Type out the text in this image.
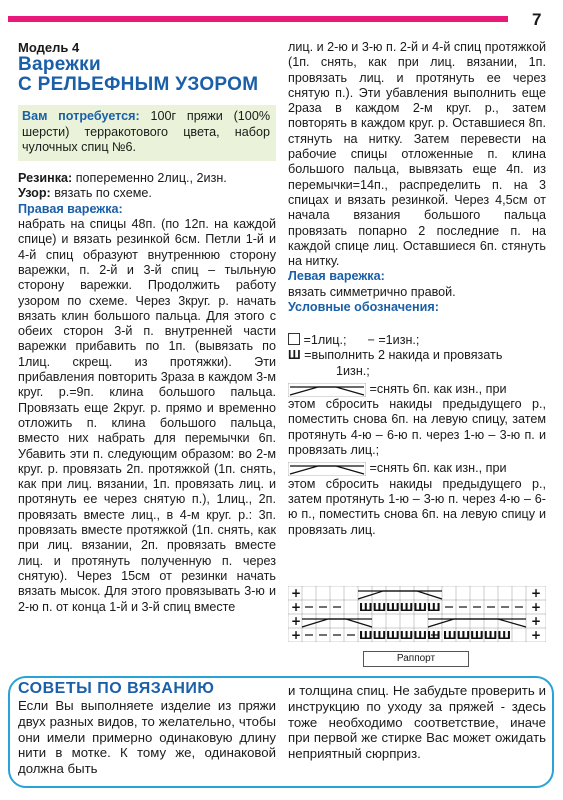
7
Модель 4
Варежки
С РЕЛЬЕФНЫМ УЗОРОМ
Вам потребуется: 100г пряжи (100% шерсти) терракотового цвета, набор чулочных спиц №6.

Резинка: попеременно 2лиц., 2изн.

Узор: вязать по схеме.

Правая варежка:

набрать на спицы 48п. (по 12п. на каждой спице) и вязать резинкой 6см. Петли 1-й и 4-й спиц образуют внутреннюю сторону варежки, п. 2-й и 3-й спиц – тыльную сторону варежки. Продолжить работу узором по схеме. Через 3круг. р. начать вязать клин большого пальца. Для этого с обеих сторон 3-й п. внутренней части варежки прибавить по 1п. (вывязать по 1лиц. скрещ. из протяжки). Эти прибавления повторить 3раза в каждом 3-м круг. р.=9п. клина большого пальца. Провязать еще 2круг. р. прямо и временно отложить п. клина большого пальца, вместо них набрать для перемычки 6п. Убавить эти п. следующим образом: во 2-м круг. р. провязать 2п. протяжкой (1п. снять, как при лиц. вязании, 1п. провязать лиц. и протянуть ее через снятую п.), 1лиц., 2п. провязать вместе лиц., в 4-м круг. р.: 3п. провязать вместе протяжкой (1п. снять, как при лиц. вязании, 2п. провязать вместе лиц. и протянуть полученную п. через снятую). Через 15см от резинки начать вязать мысок. Для этого провязывать 3-ю и 2-ю п. от конца 1-й и 3-й спиц вместе

лиц. и 2-ю и 3-ю п. 2-й и 4-й спиц протяжкой (1п. снять, как при лиц. вязании, 1п. провязать лиц. и протянуть ее через снятую п.). Эти убавления выполнить еще 2раза в каждом 2-м круг. р., затем повторять в каждом круг. р. Оставшиеся 8п. стянуть на нитку. Затем перевести на рабочие спицы отложенные п. клина большого пальца, вывязать еще 4п. из перемычки=14п., распределить п. на 3 спицах и вязать резинкой. Через 4,5см от начала вязания большого пальца провязать попарно 2 последние п. на каждой спице лиц. Оставшиеся 6п. стянуть на нитку.

Левая варежка:

вязать симметрично правой.

Условные обозначения:
=1лиц.; − =1изн.;
Ш =выполнить 2 накида и провязать
1изн.;
=снять 6п. как изн., при
этом сбросить накиды предыдущего р., поместить снова 6п. на левую спицу, затем протянуть 4-ю – 6-ю п. через 1-ю – 3-ю п. и провязать лиц.;
=снять 6п. как изн., при
этом сбросить накиды предыдущего р., затем протянуть 1-ю – 3-ю п. через 4-ю – 6-ю п., поместить снова 6п. на левую спицу и провязать лиц.
+
+
+
+
+
+
+
+
ШШШШШШ
ШШШШШШ ШШШШШ
Раппорт
СОВЕТЫ ПО ВЯЗАНИЮ
Если Вы выполняете изделие из пряжи двух разных видов, то желательно, чтобы они имели примерно одинаковую длину нити в мотке. К тому же, одинаковой должна быть
и толщина спиц. Не забудьте проверить и инструкцию по уходу за пряжей - здесь тоже необходимо соответствие, иначе при первой же стирке Вас может ожидать неприятный сюрприз.
